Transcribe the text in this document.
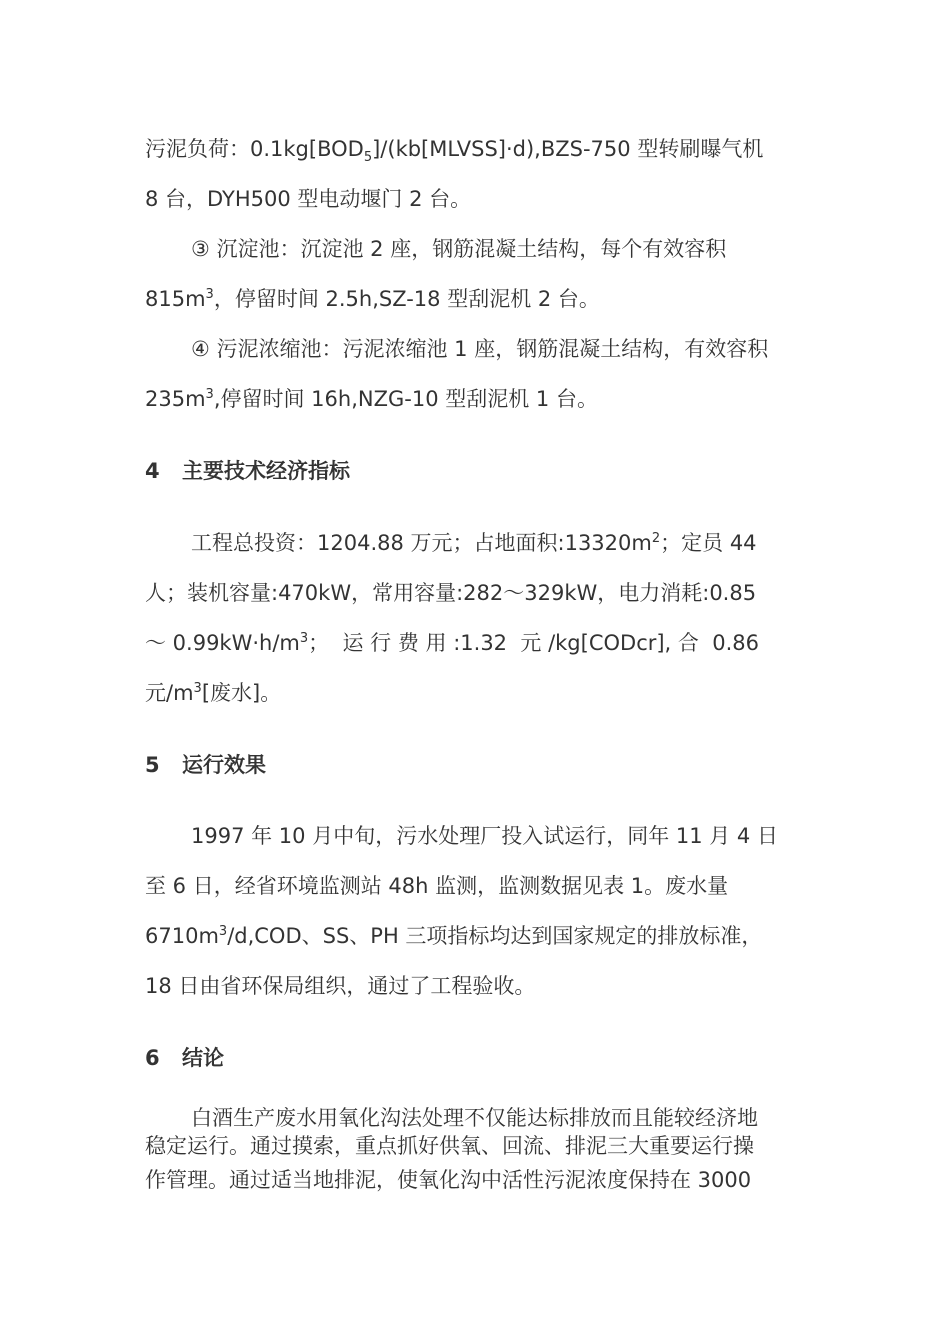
污泥负荷：$0.1kg[BOD_5]/(kb[MLVSS]\cdot d),BZS-750$ 型转刷曝气机
8 台，DYH500 型电动堰门 2 台。
③ 沉淀池：沉淀池 2 座，钢筋混凝土结构，每个有效容积
$815m^3$，停留时间 2.5h,SZ-18 型刮泥机 2 台。
④ 污泥浓缩池：污泥浓缩池 1 座，钢筋混凝土结构，有效容积
$235m^3$,停留时间 16h,NZG-10 型刮泥机 1 台。
4 主要技术经济指标
工程总投资：1204.88 万元；占地面积$:13320m^2$；定员 44
人；装机容量:470kW，常用容量:282～329kW，电力消耗:0.85
～ $0.99kW\cdot h/m^3$；  运 行 费 用 :1.32  元 /kg[CODcr], 合  0.86
元$/m^3$[废水]。
5 运行效果
1997 年 10 月中旬，污水处理厂投入试运行，同年 11 月 4 日
至 6 日，经省环境监测站 48h 监测，监测数据见表 1。废水量
$6710m^3/d,COD$、SS、PH 三项指标均达到国家规定的排放标准，
18 日由省环保局组织，通过了工程验收。
6 结论
白酒生产废水用氧化沟法处理不仅能达标排放而且能较经济地
稳定运行。通过摸索，重点抓好供氧、回流、排泥三大重要运行操
作管理。通过适当地排泥，使氧化沟中活性污泥浓度保持在 3000
